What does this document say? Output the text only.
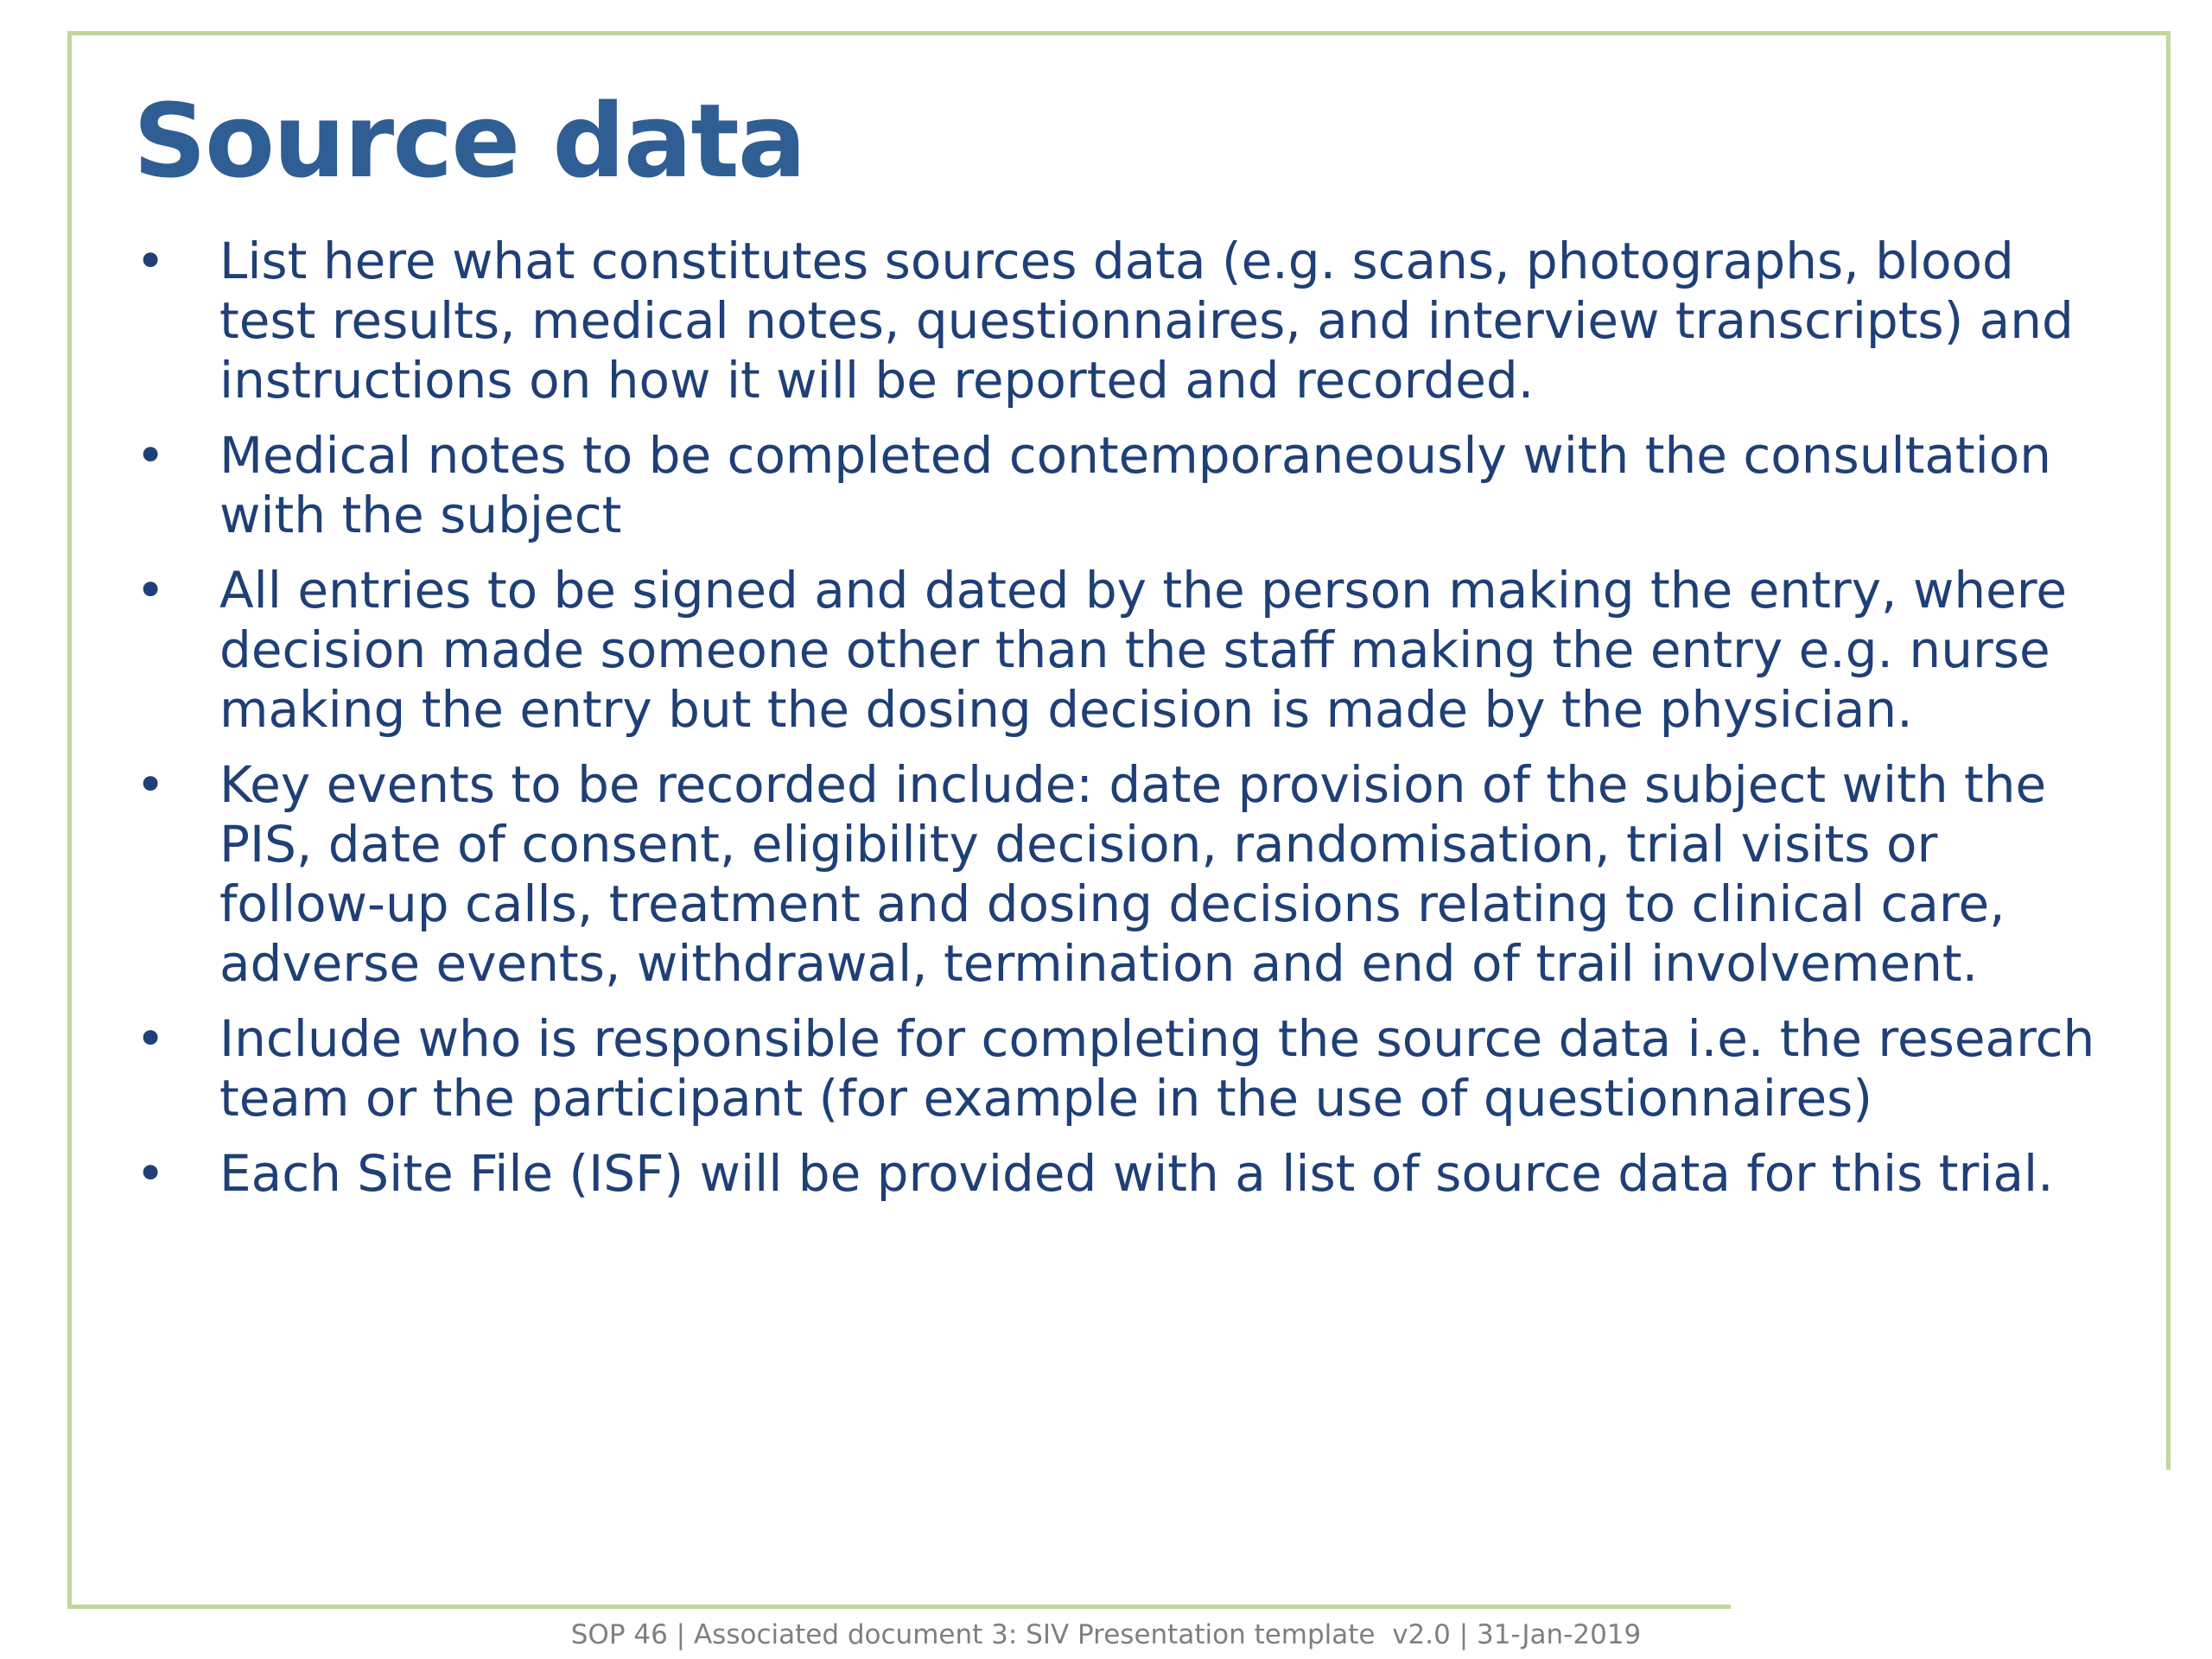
Source data
• List here what constitutes sources data (e.g. scans, photographs, blood test results, medical notes, questionnaires, and interview transcripts) and instructions on how it will be reported and recorded.
• Medical notes to be completed contemporaneously with the consultation with the subject
• All entries to be signed and dated by the person making the entry, where decision made someone other than the staff making the entry e.g. nurse making the entry but the dosing decision is made by the physician.
• Key events to be recorded include: date provision of the subject with the PIS, date of consent, eligibility decision, randomisation, trial visits or follow-up calls, treatment and dosing decisions relating to clinical care, adverse events, withdrawal, termination and end of trail involvement.
• Include who is responsible for completing the source data i.e. the research team or the participant (for example in the use of questionnaires)
• Each Site File (ISF) will be provided with a list of source data for this trial.
SOP 46 | Associated document 3: SIV Presentation template  v2.0 | 31-Jan-2019
